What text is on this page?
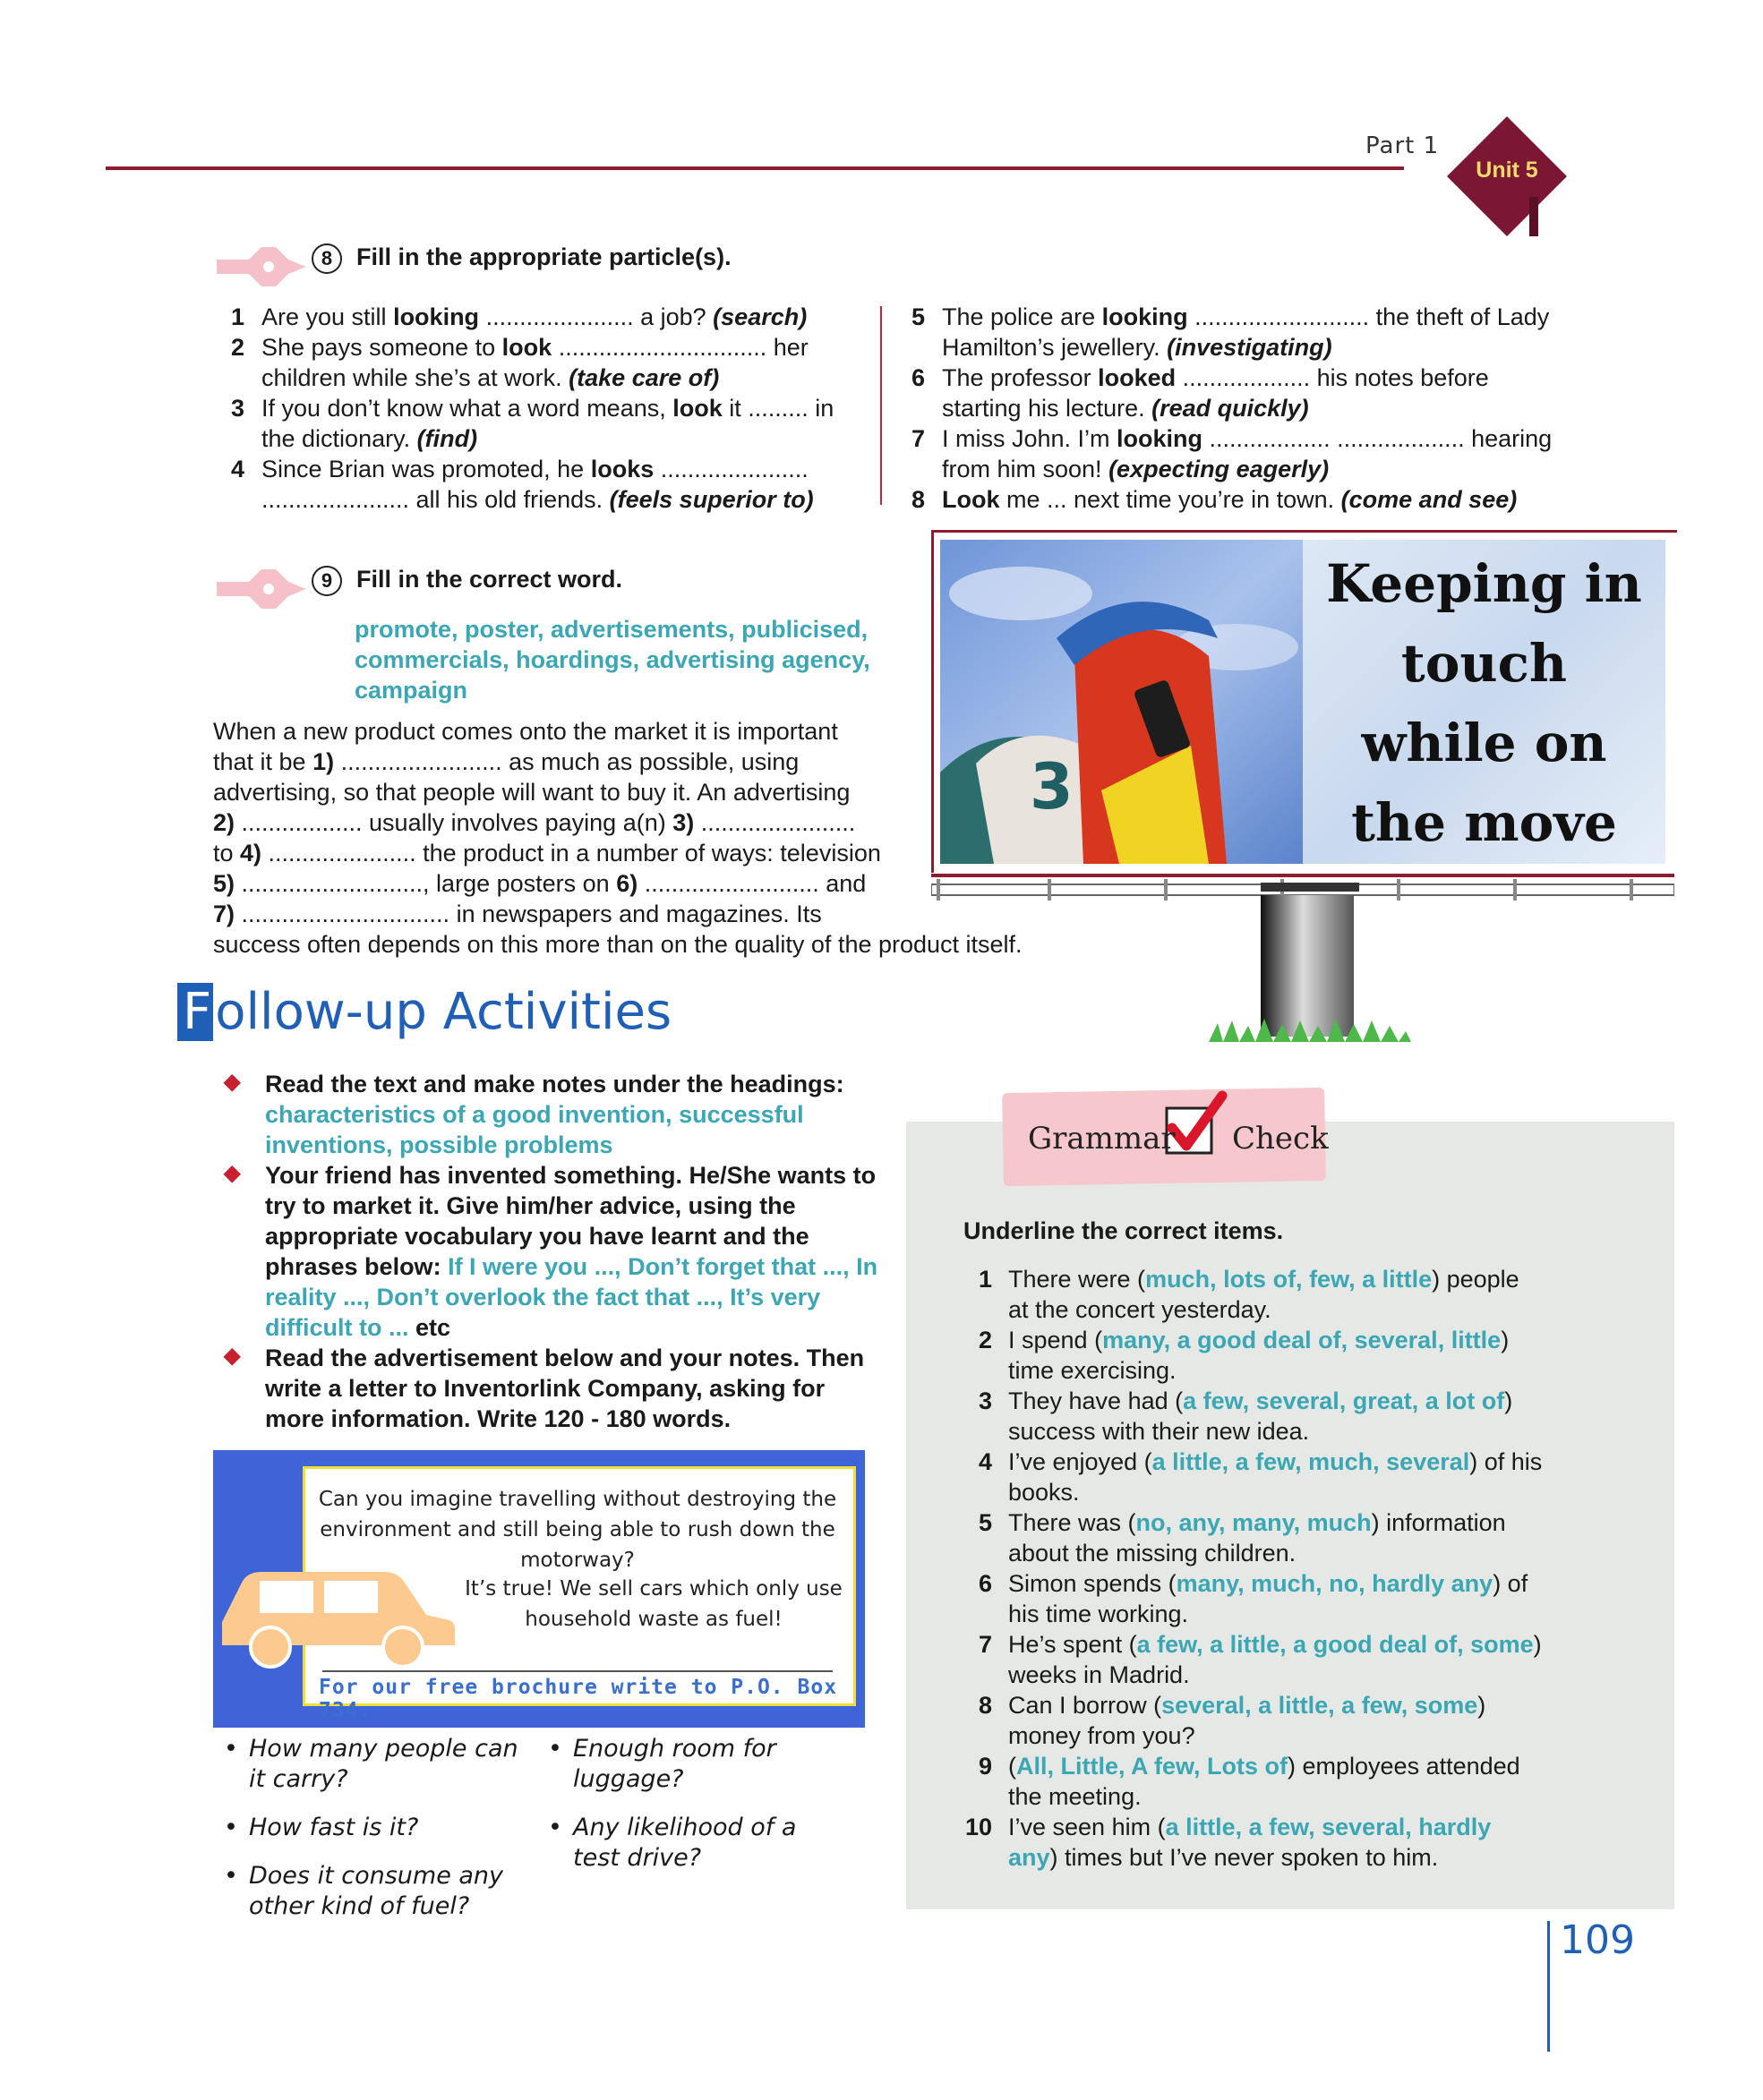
Part 1
Unit 5
8 Fill in the appropriate particle(s).
1 Are you still looking ...................... a job? (search)
2 She pays someone to look ............................... her children while she’s at work. (take care of)
3 If you don’t know what a word means, look it ......... in the dictionary. (find)
4 Since Brian was promoted, he looks ...................... ...................... all his old friends. (feels superior to)
5 The police are looking .......................... the theft of Lady Hamilton’s jewellery. (investigating)
6 The professor looked ................... his notes before starting his lecture. (read quickly)
7 I miss John. I’m looking .................. ................... hearing from him soon! (expecting eagerly)
8 Look me ... next time you’re in town. (come and see)
9 Fill in the correct word.
promote, poster, advertisements, publicised, commercials, hoardings, advertising agency, campaign
When a new product comes onto the market it is important
that it be 1) ........................ as much as possible, using
advertising, so that people will want to buy it. An advertising
2) .................. usually involves paying a(n) 3) .......................
to 4) ...................... the product in a number of ways: television
5) ..........................., large posters on 6) .......................... and
7) ............................... in newspapers and magazines. Its
success often depends on this more than on the quality of the product itself.
3
Keeping in
touch
while on
the move
Follow-up Activities
◆ Read the text and make notes under the headings: characteristics of a good invention, successful inventions, possible problems
◆ Your friend has invented something. He/She wants to try to market it. Give him/her advice, using the appropriate vocabulary you have learnt and the phrases below: If I were you ..., Don’t forget that ..., In reality ..., Don’t overlook the fact that ..., It’s very difficult to ... etc
◆ Read the advertisement below and your notes. Then write a letter to Inventorlink Company, asking for more information. Write 120 - 180 words.
Can you imagine travelling without destroying the environment and still being able to rush down the motorway?
It’s true! We sell cars which only use household waste as fuel!
For our free brochure write to P.O. Box 734.
• How many people can it carry?
• How fast is it?
• Does it consume any other kind of fuel?
• Enough room for luggage?
• Any likelihood of a test drive?
Grammar Check
Underline the correct items.
1 There were (much, lots of, few, a little) people at the concert yesterday.
2 I spend (many, a good deal of, several, little) time exercising.
3 They have had (a few, several, great, a lot of) success with their new idea.
4 I’ve enjoyed (a little, a few, much, several) of his books.
5 There was (no, any, many, much) information about the missing children.
6 Simon spends (many, much, no, hardly any) of his time working.
7 He’s spent (a few, a little, a good deal of, some) weeks in Madrid.
8 Can I borrow (several, a little, a few, some) money from you?
9 (All, Little, A few, Lots of) employees attended the meeting.
10 I’ve seen him (a little, a few, several, hardly any) times but I’ve never spoken to him.
109
